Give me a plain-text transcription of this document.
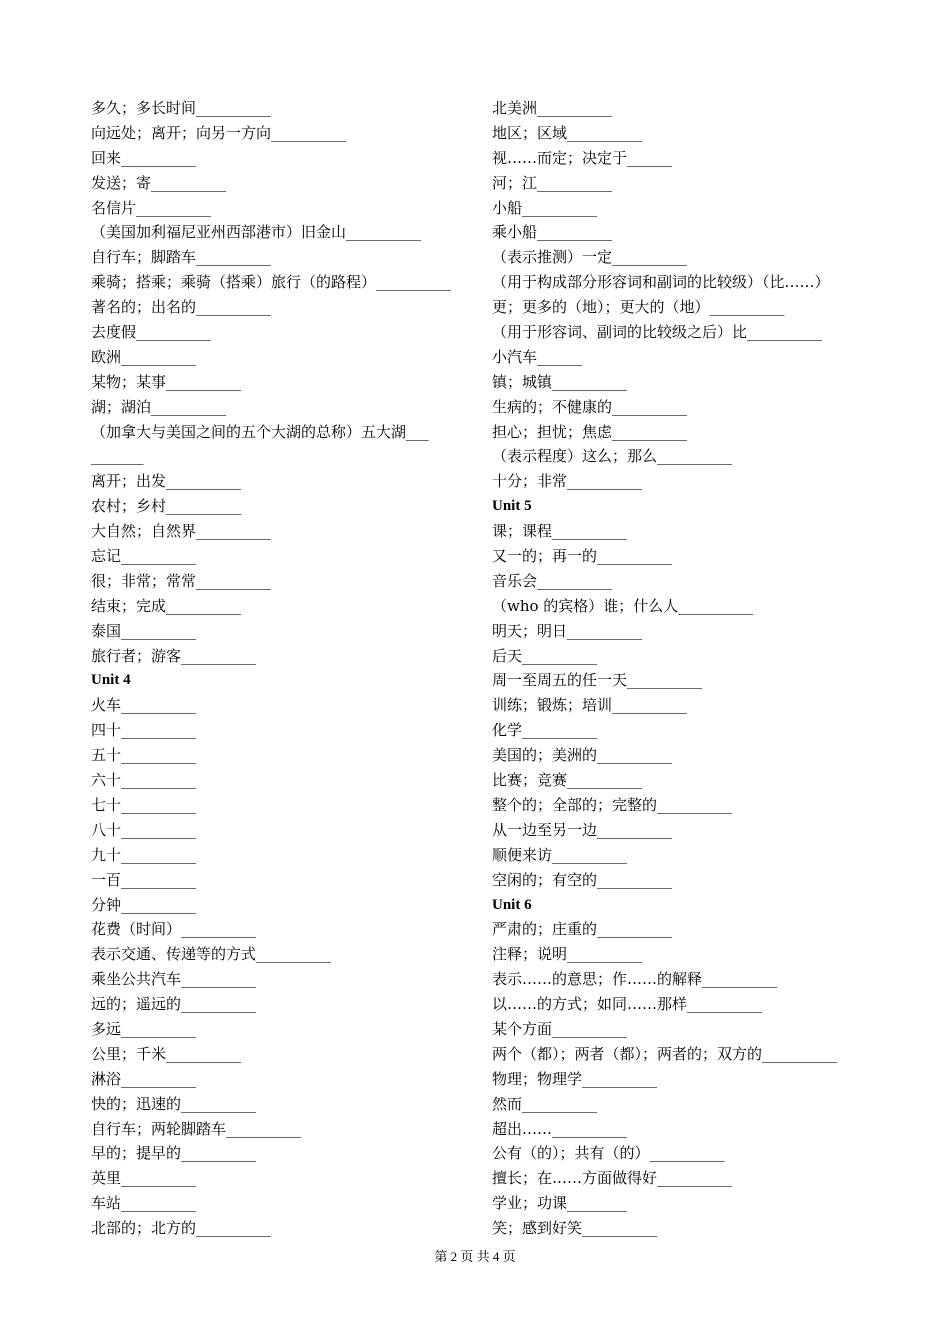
多久；多长时间__________
向远处；离开；向另一方向__________
回来__________
发送；寄__________
名信片__________
（美国加利福尼亚州西部港市）旧金山__________
自行车；脚踏车__________
乘骑；搭乘；乘骑（搭乘）旅行（的路程）__________
著名的；出名的__________
去度假__________
欧洲__________
某物；某事__________
湖；湖泊__________
（加拿大与美国之间的五个大湖的总称）五大湖___
_______
离开；出发__________
农村；乡村__________
大自然；自然界__________
忘记__________
很；非常；常常__________
结束；完成__________
泰国__________
旅行者；游客__________
Unit 4
火车__________
四十__________
五十__________
六十__________
七十__________
八十__________
九十__________
一百__________
分钟__________
花费（时间）__________
表示交通、传递等的方式__________
乘坐公共汽车__________
远的；遥远的__________
多远__________
公里；千米__________
淋浴__________
快的；迅速的__________
自行车；两轮脚踏车__________
早的；提早的__________
英里__________
车站__________
北部的；北方的__________
北美洲__________
地区；区域__________
视……而定；决定于______
河；江__________
小船__________
乘小船__________
（表示推测）一定__________
（用于构成部分形容词和副词的比较级）（比……）
更；更多的（地）；更大的（地）__________
（用于形容词、副词的比较级之后）比__________
小汽车______
镇；城镇__________
生病的；不健康的__________
担心；担忧；焦虑__________
（表示程度）这么；那么__________
十分；非常__________
Unit 5
课；课程__________
又一的；再一的__________
音乐会__________
（who 的宾格）谁；什么人__________
明天；明日__________
后天__________
周一至周五的任一天__________
训练；锻炼；培训__________
化学__________
美国的；美洲的__________
比赛；竞赛__________
整个的；全部的；完整的__________
从一边至另一边__________
顺便来访__________
空闲的；有空的__________
Unit 6
严肃的；庄重的__________
注释；说明__________
表示……的意思；作……的解释__________
以……的方式；如同……那样__________
某个方面__________
两个（都）；两者（都）；两者的；双方的__________
物理；物理学__________
然而__________
超出……__________
公有（的）；共有（的）__________
擅长；在……方面做得好__________
学业；功课________
笑；感到好笑__________
第 2 页 共 4 页
